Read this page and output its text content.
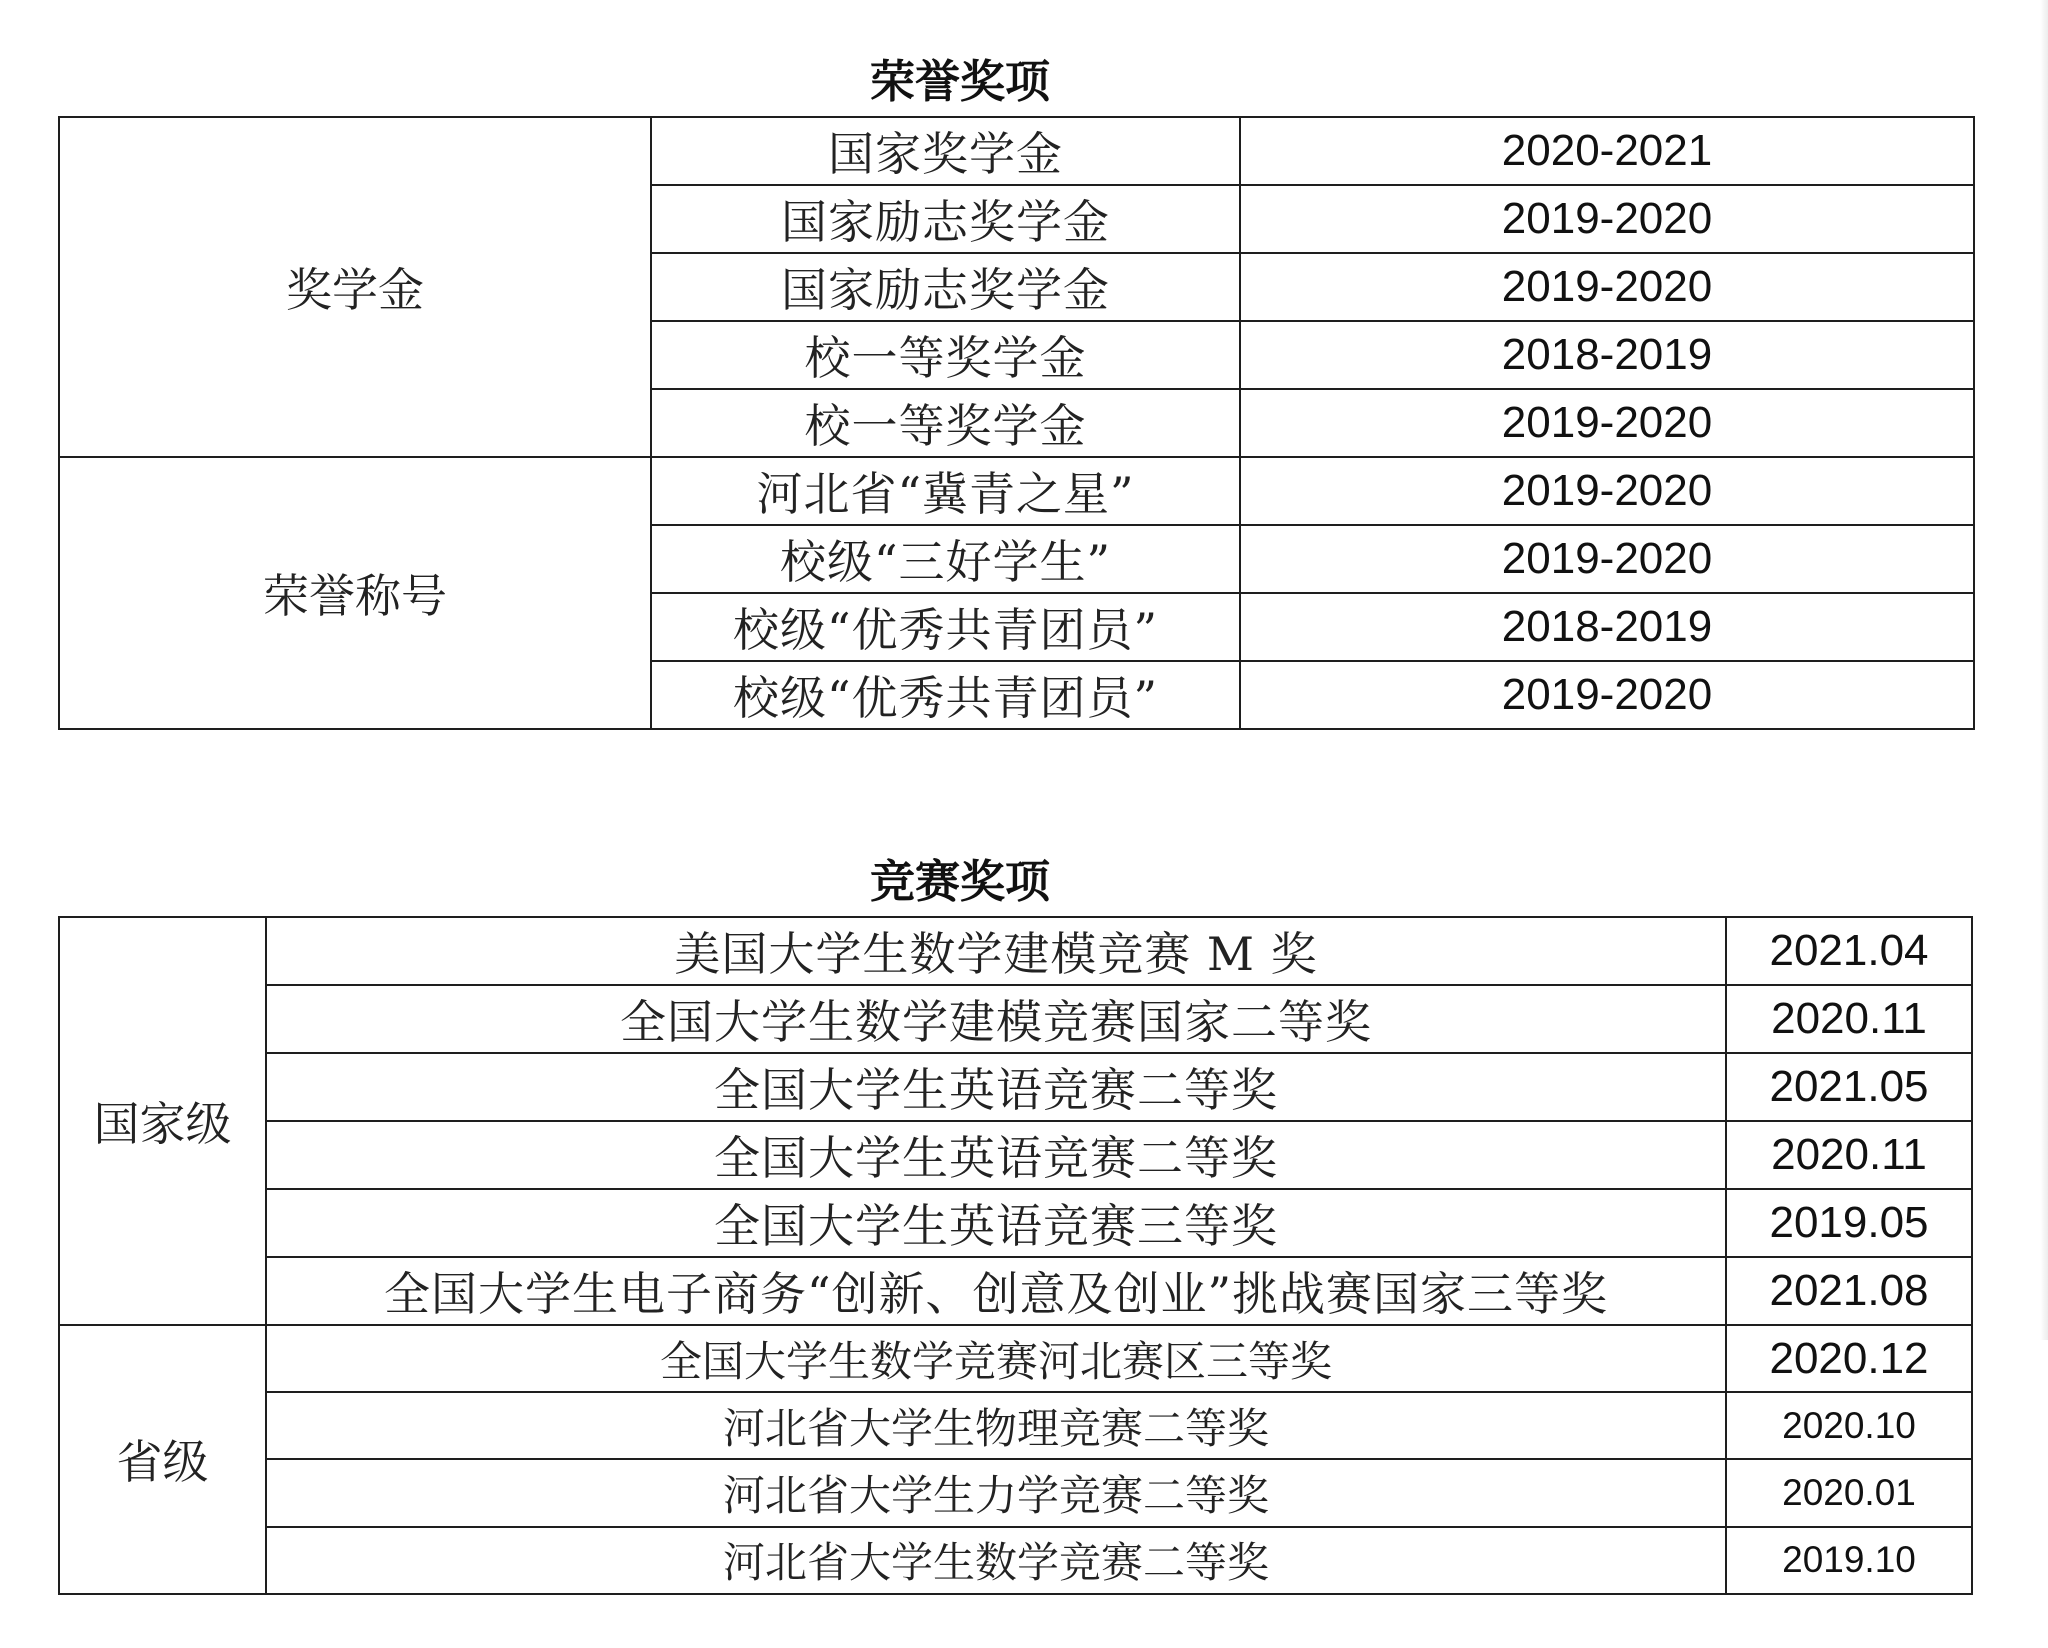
荣誉奖项
奖学金	国家奖学金	2020-2021
	国家励志奖学金	2019-2020
	国家励志奖学金	2019-2020
	校一等奖学金	2018-2019
	校一等奖学金	2019-2020
荣誉称号	河北省“冀青之星”	2019-2020
	校级“三好学生”	2019-2020
	校级“优秀共青团员”	2018-2019
	校级“优秀共青团员”	2019-2020
竞赛奖项
国家级	美国大学生数学建模竞赛 M 奖	2021.04
	全国大学生数学建模竞赛国家二等奖	2020.11
	全国大学生英语竞赛二等奖	2021.05
	全国大学生英语竞赛二等奖	2020.11
	全国大学生英语竞赛三等奖	2019.05
	全国大学生电子商务“创新、创意及创业”挑战赛国家三等奖	2021.08
省级	全国大学生数学竞赛河北赛区三等奖	2020.12
	河北省大学生物理竞赛二等奖	2020.10
	河北省大学生力学竞赛二等奖	2020.01
	河北省大学生数学竞赛二等奖	2019.10
